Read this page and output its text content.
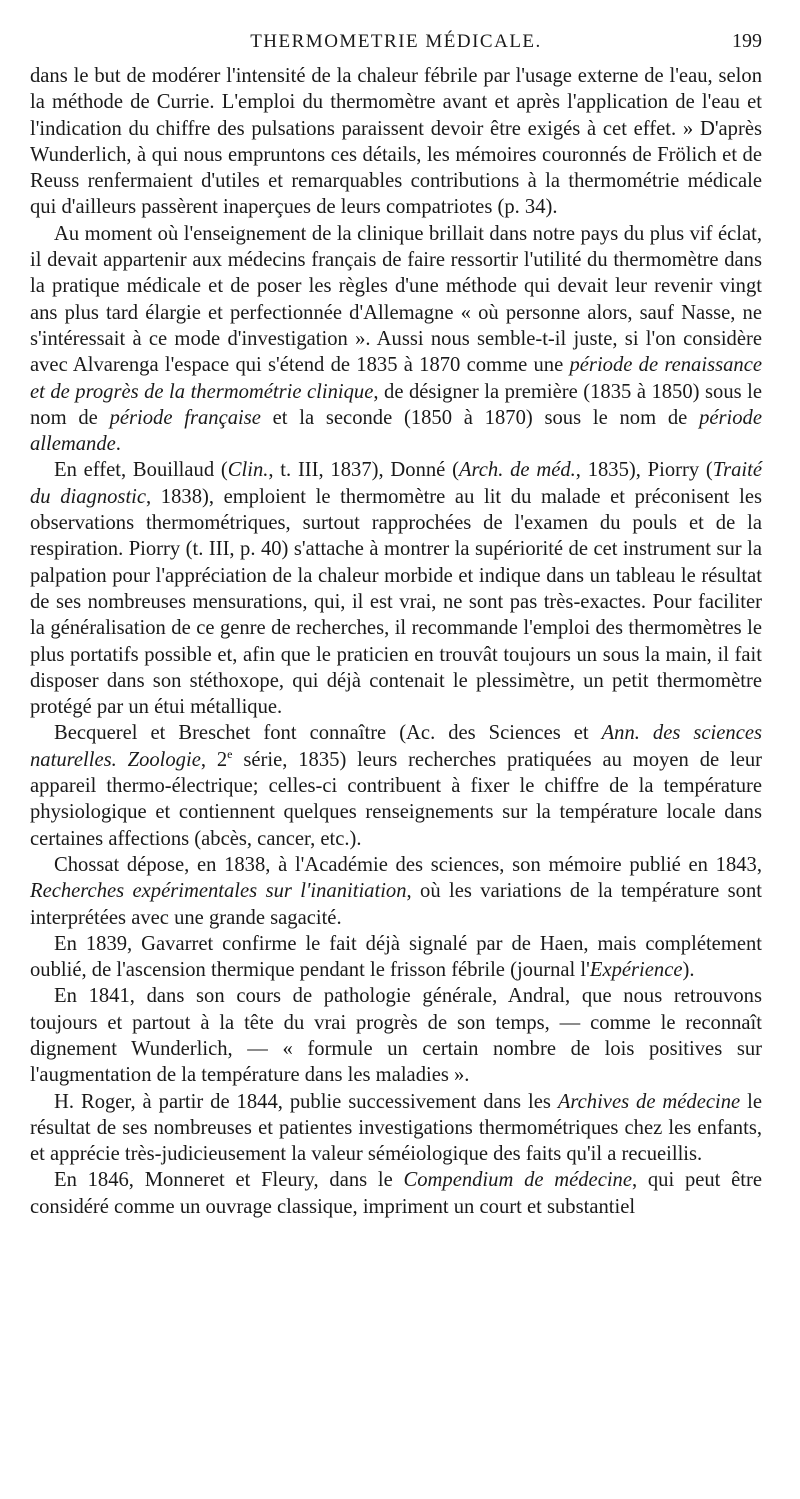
THERMOMETRIE MÉDICALE.	199

dans le but de modérer l'intensité de la chaleur fébrile par l'usage externe de l'eau, selon la méthode de Currie. L'emploi du thermomètre avant et après l'application de l'eau et l'indication du chiffre des pulsations paraissent devoir être exigés à cet effet. » D'après Wunderlich, à qui nous empruntons ces détails, les mémoires couronnés de Frölich et de Reuss renfermaient d'utiles et remarquables contributions à la thermométrie médicale qui d'ailleurs passèrent inaperçues de leurs compatriotes (p. 34).

Au moment où l'enseignement de la clinique brillait dans notre pays du plus vif éclat, il devait appartenir aux médecins français de faire ressortir l'utilité du thermomètre dans la pratique médicale et de poser les règles d'une méthode qui devait leur revenir vingt ans plus tard élargie et perfectionnée d'Allemagne « où personne alors, sauf Nasse, ne s'intéressait à ce mode d'investigation ». Aussi nous semble-t-il juste, si l'on considère avec Alvarenga l'espace qui s'étend de 1835 à 1870 comme une période de renaissance et de progrès de la thermométrie clinique, de désigner la première (1835 à 1850) sous le nom de période française et la seconde (1850 à 1870) sous le nom de période allemande.

En effet, Bouillaud (Clin., t. III, 1837), Donné (Arch. de méd., 1835), Piorry (Traité du diagnostic, 1838), emploient le thermomètre au lit du malade et préconisent les observations thermométriques, surtout rapprochées de l'examen du pouls et de la respiration. Piorry (t. III, p. 40) s'attache à montrer la supériorité de cet instrument sur la palpation pour l'appréciation de la chaleur morbide et indique dans un tableau le résultat de ses nombreuses mensurations, qui, il est vrai, ne sont pas très-exactes. Pour faciliter la généralisation de ce genre de recherches, il recommande l'emploi des thermomètres le plus portatifs possible et, afin que le praticien en trouvât toujours un sous la main, il fait disposer dans son stéthoxope, qui déjà contenait le plessimètre, un petit thermomètre protégé par un étui métallique.

Becquerel et Breschet font connaître (Ac. des Sciences et Ann. des sciences naturelles. Zoologie, 2e série, 1835) leurs recherches pratiquées au moyen de leur appareil thermo-électrique; celles-ci contribuent à fixer le chiffre de la température physiologique et contiennent quelques renseignements sur la température locale dans certaines affections (abcès, cancer, etc.).

Chossat dépose, en 1838, à l'Académie des sciences, son mémoire publié en 1843, Recherches expérimentales sur l'inanitiation, où les variations de la température sont interprétées avec une grande sagacité.

En 1839, Gavarret confirme le fait déjà signalé par de Haen, mais complétement oublié, de l'ascension thermique pendant le frisson fébrile (journal l'Expérience).

En 1841, dans son cours de pathologie générale, Andral, que nous retrouvons toujours et partout à la tête du vrai progrès de son temps, — comme le reconnaît dignement Wunderlich, — « formule un certain nombre de lois positives sur l'augmentation de la température dans les maladies ».

H. Roger, à partir de 1844, publie successivement dans les Archives de médecine le résultat de ses nombreuses et patientes investigations thermométriques chez les enfants, et apprécie très-judicieusement la valeur séméiologique des faits qu'il a recueillis.

En 1846, Monneret et Fleury, dans le Compendium de médecine, qui peut être considéré comme un ouvrage classique, impriment un court et substantiel
